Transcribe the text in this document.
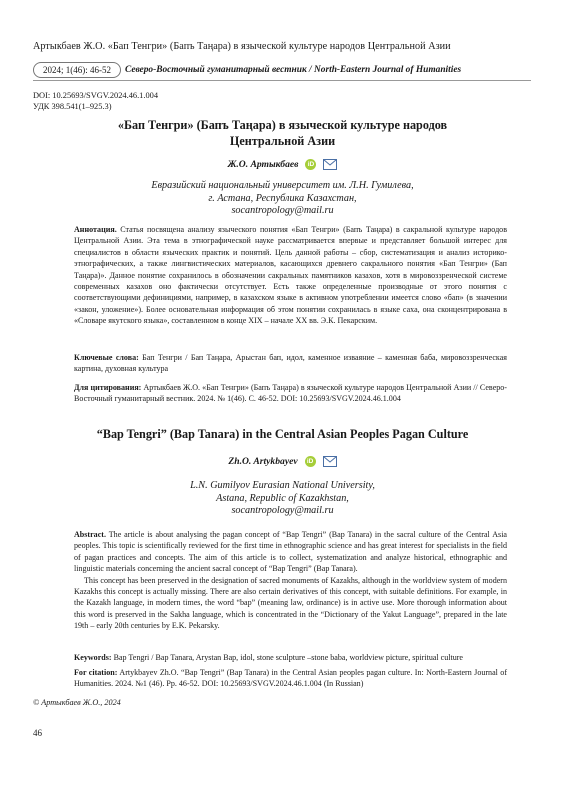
Артыкбаев Ж.О. «Бап Тенгри» (Бапъ Таңара) в языческой культуре народов Центральной Азии
2024; 1(46): 46-52	Северо-Восточный гуманитарный вестник / North-Eastern Journal of Humanities
DOI: 10.25693/SVGV.2024.46.1.004
УДК 398.541(1–925.3)
«Бап Тенгри» (Бапъ Таңара) в языческой культуре народов
Центральной Азии
Ж.О. Артыкбаев	iD
Евразийский национальный университет им. Л.Н. Гумилева,
г. Астана, Республика Казахстан,
socantropology@mail.ru
Аннотация. Статья посвящена анализу языческого понятия «Бап Тенгри» (Бапъ Таңара) в сакральной культуре народов Центральной Азии. Эта тема в этнографической науке рассматривается впервые и представляет большой интерес для специалистов в области языческих практик и понятий. Цель данной работы – сбор, систематизация и анализ историко-этнографических, а также лингвистических материалов, касающихся древнего сакрального понятия «Бап Тенгри» (Бап Таңара)». Данное понятие сохранилось в обозначении сакральных памятников казахов, хотя в мировоззренческой системе современных казахов оно фактически отсутствует. Есть также определенные производные от этого понятия с соответствующими дефинициями, например, в казахском языке в активном употреблении имеется слово «бап» (в значении «закон, уложение»). Более основательная информация об этом понятии сохранилась в языке саха, она сконцентрирована в «Словаре якутского языка», составленном в конце XIX – начале XX вв. Э.К. Пекарским.
Ключевые слова: Бап Тенгри / Бап Таңара, Арыстан бап, идол, каменное изваяние – каменная баба, мировоззренческая картина, духовная культура
Для цитирования: Артыкбаев Ж.О. «Бап Тенгри» (Бапъ Таңара) в языческой культуре народов Центральной Азии // Северо-Восточный гуманитарный вестник. 2024. № 1(46). С. 46-52. DOI: 10.25693/SVGV.2024.46.1.004
“Bap Tengri” (Bap Tanara) in the Central Asian Peoples Pagan Culture
Zh.O. Artykbayev	iD
L.N. Gumilyov Eurasian National University,
Astana, Republic of Kazakhstan,
socantropology@mail.ru
Abstract. The article is about analysing the pagan concept of “Bap Tengri” (Bap Tanara) in the sacral culture of the Central Asia peoples. This topic is scientifically reviewed for the first time in ethnographic science and has great interest for specialists in the field of pagan practices and concepts. The aim of this article is to collect, systematization and analyze historical, ethnographic and linguistic materials concerning the ancient sacral concept of “Bap Tengri” (Bap Tanara).
This concept has been preserved in the designation of sacred monuments of Kazakhs, although in the worldview system of modern Kazakhs this concept is actually missing. There are also certain derivatives of this concept, with suitable definitions. For example, in the Kazakh language, in modern times, the word “bap” (meaning law, ordinance) is in active use. More thorough information about this word is preserved in the Sakha language, which is concentrated in the “Dictionary of the Yakut Language”, prepared in the late 19th – early 20th centuries by E.K. Pekarsky.
Keywords: Bap Tengri / Bap Tanara, Arystan Bap, idol, stone sculpture –stone baba, worldview picture, spiritual culture
For citation: Artykbayev Zh.O. “Bap Tengri” (Bap Tanara) in the Central Asian peoples pagan culture. In: North-Eastern Journal of Humanities. 2024. №1 (46). Pp. 46-52. DOI: 10.25693/SVGV.2024.46.1.004 (In Russian)
© Артыкбаев Ж.О., 2024
46
